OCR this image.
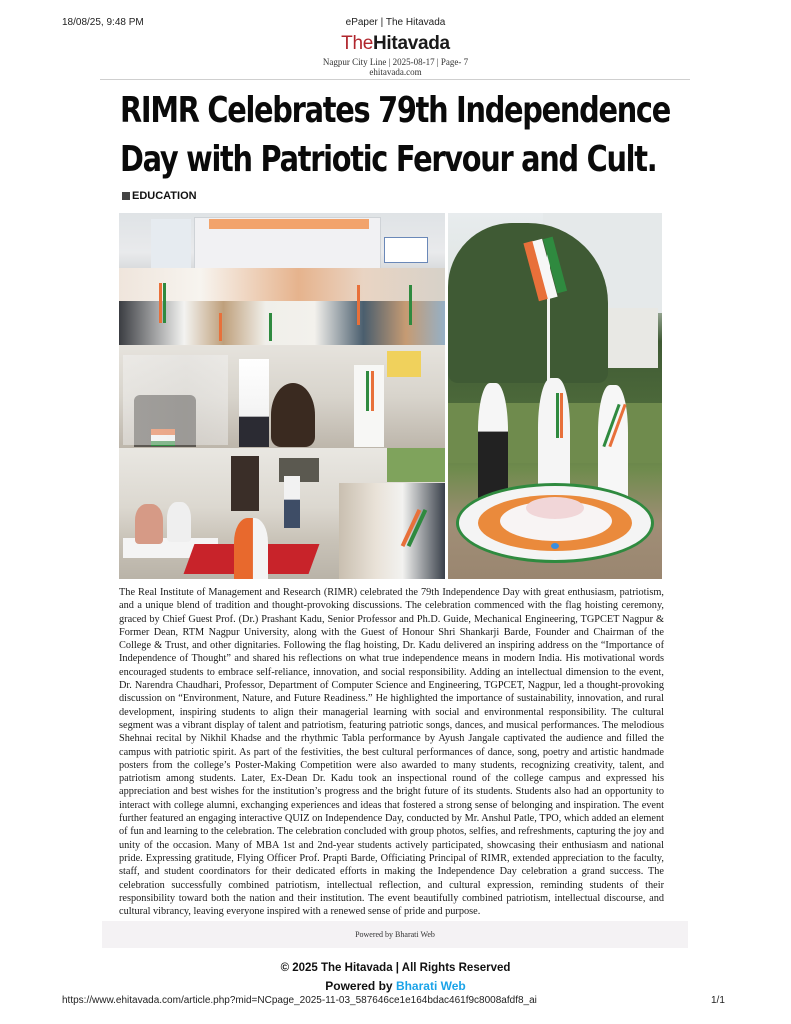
18/08/25, 9:48 PM	ePaper | The Hitavada
TheHitavada
Nagpur City Line | 2025-08-17 | Page- 7
ehitavada.com
RIMR Celebrates 79th Independence
Day with Patriotic Fervour and Cult.
EDUCATION
The Real Institute of Management and Research (RIMR) celebrated the 79th Independence Day with great enthusiasm, patriotism, and a unique blend of tradition and thought-provoking discussions. The celebration commenced with the flag hoisting ceremony, graced by Chief Guest Prof. (Dr.) Prashant Kadu, Senior Professor and Ph.D. Guide, Mechanical Engineering, TGPCET Nagpur & Former Dean, RTM Nagpur University, along with the Guest of Honour Shri Shankarji Barde, Founder and Chairman of the College & Trust, and other dignitaries. Following the flag hoisting, Dr. Kadu delivered an inspiring address on the “Importance of Independence of Thought” and shared his reflections on what true independence means in modern India. His motivational words encouraged students to embrace self-reliance, innovation, and social responsibility. Adding an intellectual dimension to the event, Dr. Narendra Chaudhari, Professor, Department of Computer Science and Engineering, TGPCET, Nagpur, led a thought-provoking discussion on “Environment, Nature, and Future Readiness.” He highlighted the importance of sustainability, innovation, and rural development, inspiring students to align their managerial learning with social and environmental responsibility. The cultural segment was a vibrant display of talent and patriotism, featuring patriotic songs, dances, and musical performances. The melodious Shehnai recital by Nikhil Khadse and the rhythmic Tabla performance by Ayush Jangale captivated the audience and filled the campus with patriotic spirit. As part of the festivities, the best cultural performances of dance, song, poetry and artistic handmade posters from the college’s Poster-Making Competition were also awarded to many students, recognizing creativity, talent, and patriotism among students. Later, Ex-Dean Dr. Kadu took an inspectional round of the college campus and expressed his appreciation and best wishes for the institution’s progress and the bright future of its students. Students also had an opportunity to interact with college alumni, exchanging experiences and ideas that fostered a strong sense of belonging and inspiration. The event further featured an engaging interactive QUIZ on Independence Day, conducted by Mr. Anshul Patle, TPO, which added an element of fun and learning to the celebration. The celebration concluded with group photos, selfies, and refreshments, capturing the joy and unity of the occasion. Many of MBA 1st and 2nd-year students actively participated, showcasing their enthusiasm and national pride. Expressing gratitude, Flying Officer Prof. Prapti Barde, Officiating Principal of RIMR, extended appreciation to the faculty, staff, and student coordinators for their dedicated efforts in making the Independence Day celebration a grand success. The celebration successfully combined patriotism, intellectual reflection, and cultural expression, reminding students of their responsibility toward both the nation and their institution. The event beautifully combined patriotism, intellectual discourse, and cultural vibrancy, leaving everyone inspired with a renewed sense of pride and purpose.
Powered by Bharati Web
© 2025 The Hitavada | All Rights Reserved
Powered by Bharati Web
https://www.ehitavada.com/article.php?mid=NCpage_2025-11-03_587646ce1e164bdac461f9c8008afdf8_ai	1/1
